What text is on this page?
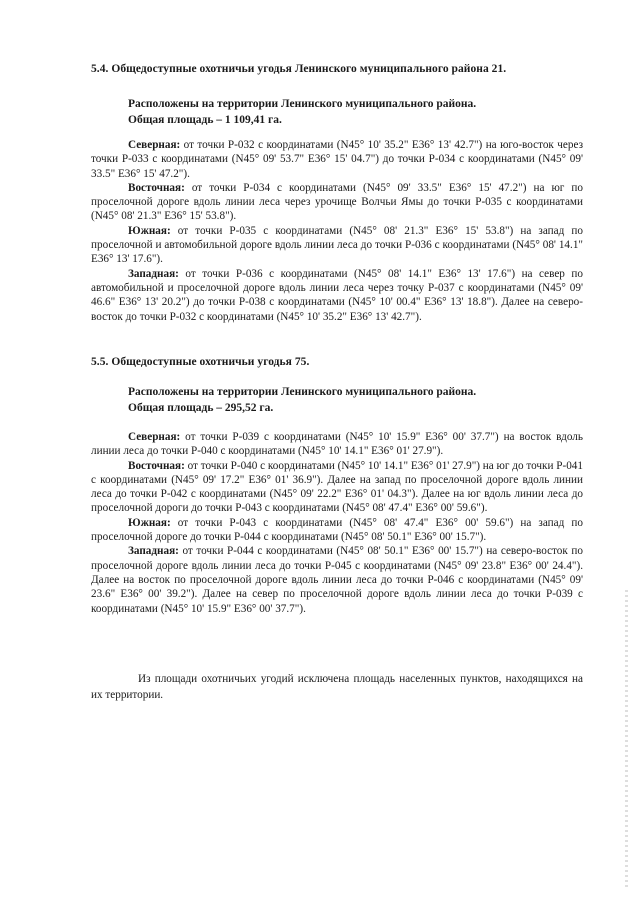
5.4. Общедоступные охотничьи угодья Ленинского муниципального района 21.
Расположены на территории Ленинского муниципального района.
Общая площадь – 1 109,41 га.

Северная: от точки Р-032 с координатами (N45° 10' 35.2" E36° 13' 42.7") на юго-восток через точки Р-033 с координатами (N45° 09' 53.7" E36° 15' 04.7") до точки Р-034 с координатами (N45° 09' 33.5" E36° 15' 47.2").

Восточная: от точки Р-034 с координатами (N45° 09' 33.5" E36° 15' 47.2") на юг по проселочной дороге вдоль линии леса через урочище Волчьи Ямы до точки Р-035 с координатами (N45° 08' 21.3" E36° 15' 53.8").

Южная: от точки Р-035 с координатами (N45° 08' 21.3" E36° 15' 53.8") на запад по проселочной и автомобильной дороге вдоль линии леса до точки Р-036 с координатами (N45° 08' 14.1" E36° 13' 17.6").

Западная: от точки Р-036 с координатами (N45° 08' 14.1" E36° 13' 17.6") на север по автомобильной и проселочной дороге вдоль линии леса через точку Р-037 с координатами (N45° 09' 46.6" E36° 13' 20.2") до точки Р-038 с координатами (N45° 10' 00.4" E36° 13' 18.8"). Далее на северо-восток до точки Р-032 с координатами (N45° 10' 35.2" E36° 13' 42.7").

5.5. Общедоступные охотничьи угодья 75.
Расположены на территории Ленинского муниципального района.
Общая площадь – 295,52 га.

Северная: от точки Р-039 с координатами (N45° 10' 15.9" E36° 00' 37.7") на восток вдоль линии леса до точки Р-040 с координатами (N45° 10' 14.1" E36° 01' 27.9").

Восточная: от точки Р-040 с координатами (N45° 10' 14.1" E36° 01' 27.9") на юг до точки Р-041 с координатами (N45° 09' 17.2" E36° 01' 36.9"). Далее на запад по проселочной дороге вдоль линии леса до точки Р-042 с координатами (N45° 09' 22.2" E36° 01' 04.3"). Далее на юг вдоль линии леса до проселочной дороги до точки Р-043 с координатами (N45° 08' 47.4" E36° 00' 59.6").

Южная: от точки Р-043 с координатами (N45° 08' 47.4" E36° 00' 59.6") на запад по проселочной дороге до точки Р-044 с координатами (N45° 08' 50.1" E36° 00' 15.7").

Западная: от точки Р-044 с координатами (N45° 08' 50.1" E36° 00' 15.7") на северо-восток по проселочной дороге вдоль линии леса до точки Р-045 с координатами (N45° 09' 23.8" E36° 00' 24.4"). Далее на восток по проселочной дороге вдоль линии леса до точки Р-046 с координатами (N45° 09' 23.6" E36° 00' 39.2"). Далее на север по проселочной дороге вдоль линии леса до точки Р-039 с координатами (N45° 10' 15.9" E36° 00' 37.7").

Из площади охотничьих угодий исключена площадь населенных пунктов, находящихся на их территории.
